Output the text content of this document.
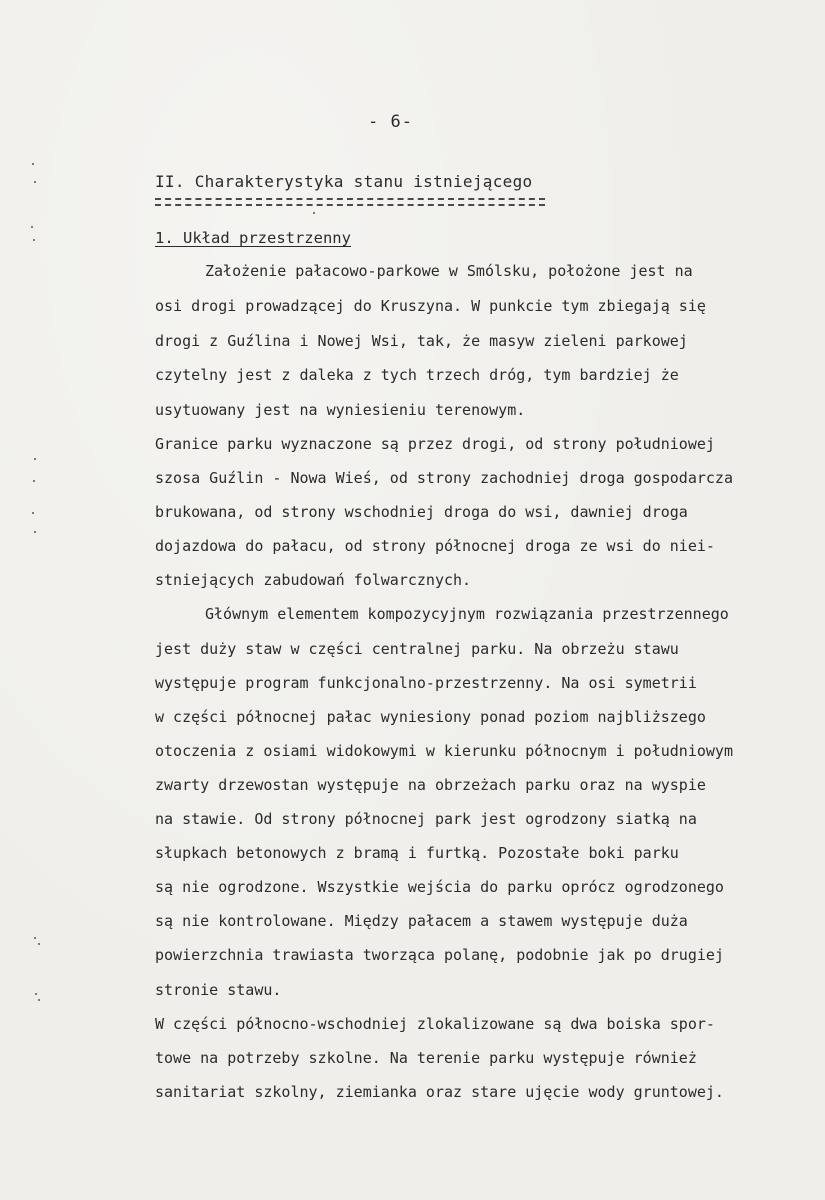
- 6-
II. Charakterystyka stanu istniejącego
1. Układ przestrzenny
Założenie pałacowo-parkowe w Smólsku, położone jest na
osi drogi prowadzącej do Kruszyna. W punkcie tym zbiegają się
drogi z Guźlina i Nowej Wsi, tak, że masyw zieleni parkowej
czytelny jest z daleka z tych trzech dróg, tym bardziej że
usytuowany jest na wyniesieniu terenowym.
Granice parku wyznaczone są przez drogi, od strony południowej
szosa Guźlin - Nowa Wieś, od strony zachodniej droga gospodarcza
brukowana, od strony wschodniej droga do wsi, dawniej droga
dojazdowa do pałacu, od strony północnej droga ze wsi do niei-
stniejących zabudowań folwarcznych.
Głównym elementem kompozycyjnym rozwiązania przestrzennego
jest duży staw w części centralnej parku. Na obrzeżu stawu
występuje program funkcjonalno-przestrzenny. Na osi symetrii
w części północnej pałac wyniesiony ponad poziom najbliższego
otoczenia z osiami widokowymi w kierunku północnym i południowym
zwarty drzewostan występuje na obrzeżach parku oraz na wyspie
na stawie. Od strony północnej park jest ogrodzony siatką na
słupkach betonowych z bramą i furtką. Pozostałe boki parku
są nie ogrodzone. Wszystkie wejścia do parku oprócz ogrodzonego
są nie kontrolowane. Między pałacem a stawem występuje duża
powierzchnia trawiasta tworząca polanę, podobnie jak po drugiej
stronie stawu.
W części północno-wschodniej zlokalizowane są dwa boiska spor-
towe na potrzeby szkolne. Na terenie parku występuje również
sanitariat szkolny, ziemianka oraz stare ujęcie wody gruntowej.
